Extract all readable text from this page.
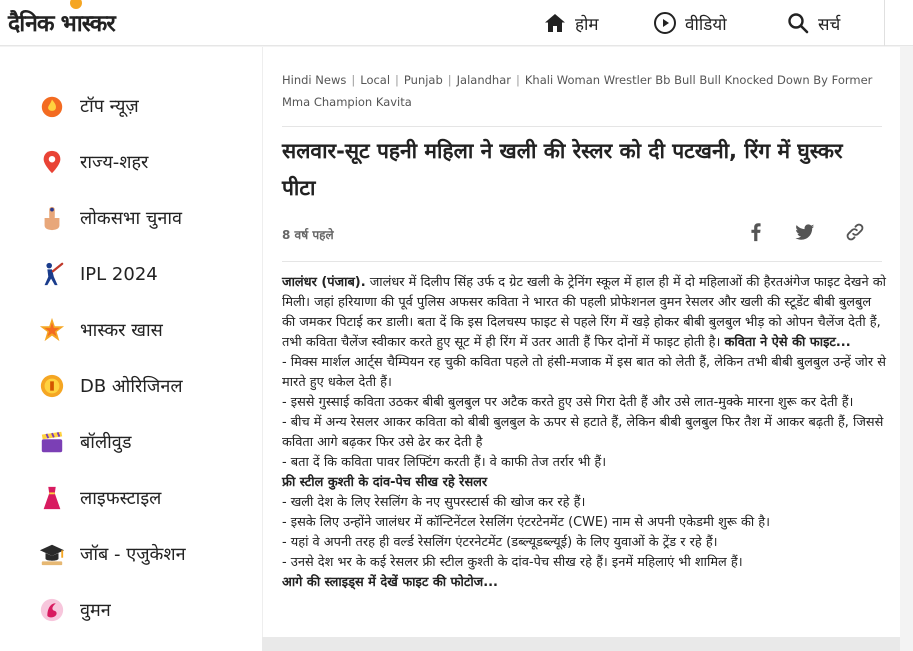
दैनिक भास्कर	होम	वीडियो	सर्च
टॉप न्यूज़
राज्य-शहर
लोकसभा चुनाव
IPL 2024
भास्कर खास
DB ओरिजिनल
बॉलीवुड
लाइफस्टाइल
जॉब - एजुकेशन
वुमन
Hindi News | Local | Punjab | Jalandhar | Khali Woman Wrestler Bb Bull Bull Knocked Down By Former Mma Champion Kavita
सलवार-सूट पहनी महिला ने खली की रेस्लर को दी पटखनी, रिंग में घुस्कर पीटा
8 वर्ष पहले

जालंधर (पंजाब). जालंधर में दिलीप सिंह उर्फ द ग्रेट खली के ट्रेनिंग स्कूल में हाल ही में दो महिलाओं की हैरतअंगेज फाइट देखने को मिली। जहां हरियाणा की पूर्व पुलिस अफसर कविता ने भारत की पहली प्रोफेशनल वुमन रेसलर और खली की स्टूडेंट बीबी बुलबुल की जमकर पिटाई कर डाली। बता दें कि इस दिलचस्प फाइट से पहले रिंग में खड़े होकर बीबी बुलबुल भीड़ को ओपन चैलेंज देती हैं, तभी कविता चैलेंज स्वीकार करते हुए सूट में ही रिंग में उतर आती हैं फिर दोनों में फाइट होती है। कविता ने ऐसे की फाइट...

- मिक्स मार्शल आर्ट्स चैम्पियन रह चुकी कविता पहले तो हंसी-मजाक में इस बात को लेती हैं, लेकिन तभी बीबी बुलबुल उन्हें जोर से मारते हुए धकेल देती हैं।

- इससे गुस्साई कविता उठकर बीबी बुलबुल पर अटैक करते हुए उसे गिरा देती हैं और उसे लात-मुक्के मारना शुरू कर देती हैं।

- बीच में अन्य रेसलर आकर कविता को बीबी बुलबुल के ऊपर से हटाते हैं, लेकिन बीबी बुलबुल फिर तैश में आकर बढ़ती हैं, जिससे कविता आगे बढ़कर फिर उसे ढेर कर देती है

- बता दें कि कविता पावर लिफ्टिंग करती हैं। वे काफी तेज तर्रार भी हैं।

फ्री स्टील कुश्ती के दांव-पेच सीख रहे रेसलर

- खली देश के लिए रेसलिंग के नए सुपरस्टार्स की खोज कर रहे हैं।

- इसके लिए उन्होंने जालंधर में कॉन्टिनेंटल रेसलिंग एंटरटेनमेंट (CWE) नाम से अपनी एकेडमी शुरू की है।

- यहां वे अपनी तरह ही वर्ल्ड रेसलिंग एंटरनेटमेंट (डब्ल्यूडब्ल्यूई) के लिए युवाओं के ट्रेंड र रहे हैं।

- उनसे देश भर के कई रेसलर फ्री स्टील कुश्ती के दांव-पेच सीख रहे हैं। इनमें महिलाएं भी शामिल हैं।

आगे की स्लाइड्स में देखें फाइट की फोटोज...
